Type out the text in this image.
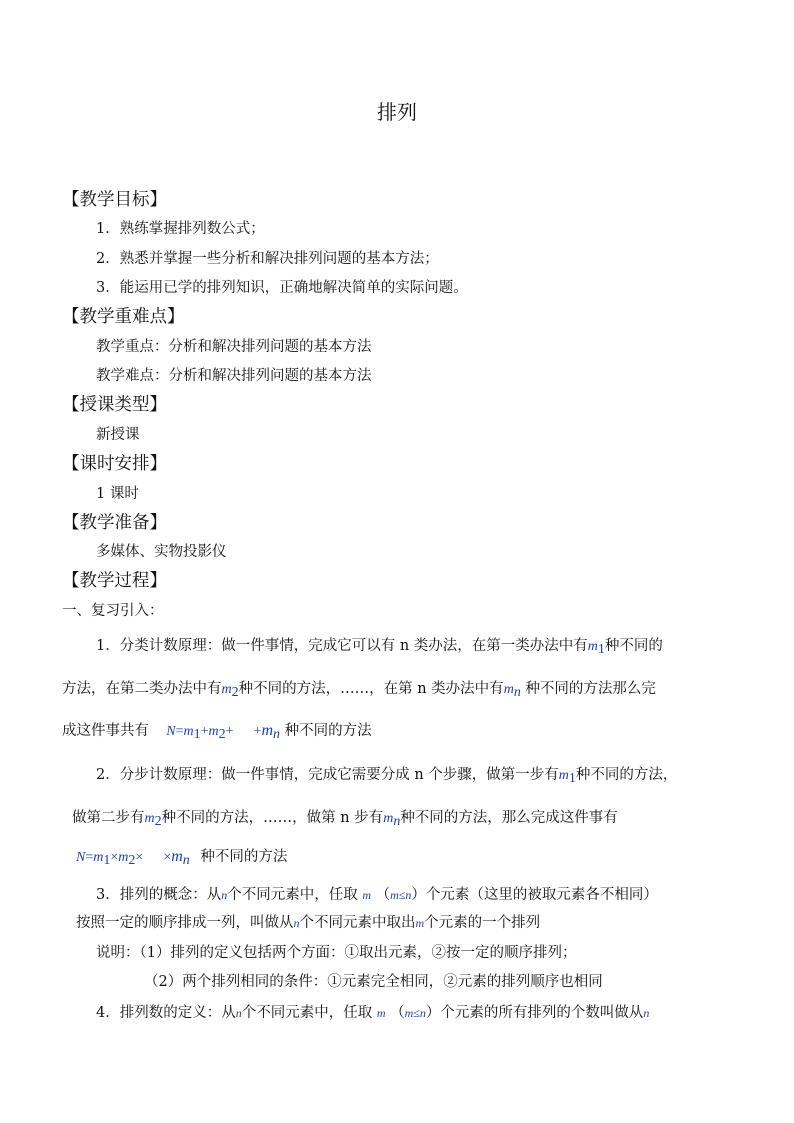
排列
【教学目标】
1．熟练掌握排列数公式；
2．熟悉并掌握一些分析和解决排列问题的基本方法；
3．能运用已学的排列知识，正确地解决简单的实际问题。
【教学重难点】
教学重点：分析和解决排列问题的基本方法
教学难点：分析和解决排列问题的基本方法
【授课类型】
新授课
【课时安排】
1 课时
【教学准备】
多媒体、实物投影仪
【教学过程】
一、复习引入：
1．分类计数原理：做一件事情，完成它可以有 n 类办法，在第一类办法中有$m_1$种不同的
方法，在第二类办法中有$m_2$种不同的方法，……，在第 n 类办法中有$m_n$ 种不同的方法那么完
成这件事共有 $N=m_1+m_2+ +m_n$ 种不同的方法
2．分步计数原理：做一件事情，完成它需要分成 n 个步骤，做第一步有$m_1$种不同的方法，
做第二步有$m_2$种不同的方法，……，做第 n 步有$m_n$种不同的方法，那么完成这件事有
$N=m_1\times m_2\times \times m_n$ 种不同的方法
3．排列的概念：从n个不同元素中，任取 m （m≤n）个元素（这里的被取元素各不相同）
按照一定的顺序排成一列，叫做从n个不同元素中取出m个元素的一个排列
说明：（1）排列的定义包括两个方面：①取出元素，②按一定的顺序排列；
（2）两个排列相同的条件：①元素完全相同，②元素的排列顺序也相同
4．排列数的定义：从n个不同元素中，任取 m （m≤n）个元素的所有排列的个数叫做从n
